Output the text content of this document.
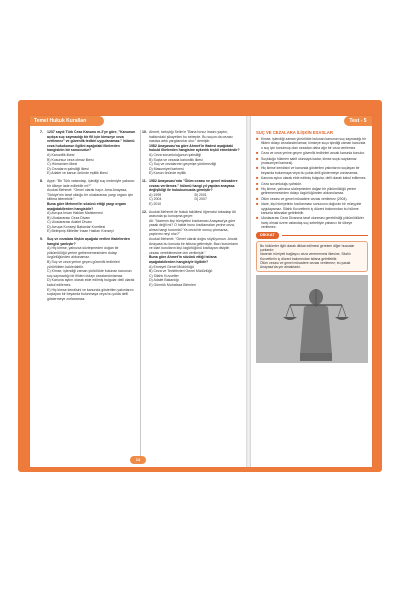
Temel Hukuk Kuralları
7.	1237 sayılı Türk Ceza Kanunu m.2'ye göre, "Kanunun açıkça suç saymadığı bir fiil için kimseye ceza verilemez" ve güvenlik tedbiri uygulanamaz." hükmü ceza hukukunun ilgilini aşağıdaki ilkelerden hangisinin bir sonucudur?
A) Kanunilik ilkesi
B) Kusursuz ceza olmaz ilkesi
C) Hümanizm ilkesi
D) Cezaların şahsiliği ilkesi
E) Adalet ve kanun önünde eşitlik ilkesi
8.	Ayşe: "Bir Türk vatandaşı, işlediği suç nedeniyle yabancı bir ülkeye iade edilebilir mi?"
Avukat Mehmet: "Genel olarak hayır. Ama Anayasa, Türkiye'nin taraf olduğu bir uluslararası yargı organı için kilitma istenebilir."
Buna göre Mehmet'in sözünü ettiği yargı organı aşağıdakilerden hangisidir?
A) Avrupa İnsan Hakları Mahkemesi
B) Uluslararası Ceza Divanı
C) Uluslararası Adalet Divanı
D) Avrupa Konseyi Bakanlar Komitesi
E) Birleşmiş Milletler İnsan Hakları Konseyi
9.	Suç ve cezalara ilişkin aşağıda verilen ifadelerden hangisi yanlıştır?
A) Hiç kimse, yalnızca sözleşmeden doğan bir yükümlülüğü yerine getirememesinden dolayı özgürlüğünden alıkonamaz.
B) Suç ve ceza yerine geçen güvenlik tedbirleri yürürlükten kaldırılabilir.
C) Kimse, işlendiği zaman yürürlükte bulunan kanunun suç saymadığı bir fiilden dolayı cezalandırılamaz.
D) Kanuna aykırı olarak elde edilmiş bulgular delil olarak kabul edilemez.
E) Hiç kimse kendisini ve kanunda gösterilen yakınlarını suçlayan bir beyanda bulunmaya veya bu yolda delil göstermeye zorlanamaz.
10. Ahmet, tartıştığı Selim'e "Bana hırsız imaını yaptın, hakkındaki şikayetimi bu sebeple. Bu suçun da cezası nasılsa artık yargılanırlar olur." demiştir.
1982 Anayasası'na göre Ahmet'in ifadesi aşağıdaki hukuki ilkelerden hangisine aykırılık teşkil etmektedir?
A) Ceza sorumluluğunun şahsiliği
B) Suçta ve cezada kanunilik ilkesi
C) Suç ve cezalarının geçmişe yürütmezliği
D) Masumiyet karinesi
E) Kanun önünde eşitlik
11. 1982 Anayasası'nda "Ölüm cezası ve genel müsadere cezası verilemez." hükmü hangi yıl yapılan anayasa değişikliği ile hukukumuzda girmiştir?
A) 1995	B) 2001
C) 2004	D) 2007
E) 2010
12. Avukat Mehmet ile hukuk fakültesi öğrencisi arkadaşı Ali arasında şu konuşma geçer:
Ali: "İdarenin kişi hürriyetini kısıtlaması Anayasa'ya göre yasak değil mi? O halde bunu kısıtlamaları yerine ceza, alırsa hangi kurumla? Ya cezai bir sonuç çıkmazsa, yaptırımı neyi olur?"
Avukat Mehmet: "Genel olarak doğru söylüyorsun. Ancak Anayasa bu konuda bir istisna getirmiştir. Bazı kurumların ve idari kurulların kişi özgürlüğünü kısıtlayan disiplin cezası verebilmesine izin verilmiştir."
Buna göre Ahmet'in sözünü ettiği istisna aşağıdakilerden hangisiyle ilgilidir?
A) Emniyet Genel Müdürlüğü
B) Ceza ve Tevkifevleri Genel Müdürlüğü
C) Silahlı Kuvvetler
D) Adalet Bakanlığı
E) Gümrük Muhafaza Birimleri
13
Test - 5
SUÇ VE CEZALARA İLİŞKİN ESASLAR
■ Kimse, işlendiği zaman yürürlükte bulunan kanunun suç saymadığı bir fiilden dolayı cezalandırılamaz; kimseye suçu işlediği zaman kanunda o suç için konulmuş olan cezadan daha ağır bir ceza verilemez.
■ Ceza ve ceza yerine geçen güvenlik tedbirleri ancak kanunla konulur.
■ Suçluluğu hükmen sabit oluncaya kadar, kimse suçlu sayılamaz (masumiyet karinesi).
■ Hiç kimse kendisini ve kanunda gösterilen yakınlarını suçlayan bir beyanda bulunmaya veya bu yolda delil göstermeye zorlanamaz.
■ Kanuna aykırı olarak elde edilmiş bulgular, delil olarak kabul edilemez.
■ Ceza sorumluluğu şahsidir.
■ Hiç kimse, yalnızca sözleşmeden doğan bir yükümlülüğü yerine getirememesinden dolayı özgürlüğünden alıkonulamaz.
■ Ölüm cezası ve genel müsadere cezası verilemez (2004).
■ İdare, kişi hürriyetinin kısıtlanması sonucunu doğuran bir müeyyide uygulayamaz. Silahlı Kuvvetlerin iç düzeni bakımından bu hükme kanunla istisnalar getirilebilir.
■ Uluslararası Ceza Divanına taraf olunması gerektirdiği yükümlülükler hariç olmak üzere vatandaş suç sebebiyle yabancı bir ülkeye verilemez.
DİKKAT
Bu hükümler ilgili olarak dikkat edilmesi gereken diğer hususlar şunlardır:
İdarenin hürriyeti bağlayıcı ceza verememesi ilkesine, Silahlı Kuvvetlerin iç düzeni bakımından istisna getirilebilir.
Ölüm cezası ve genel müsadere cezası verilemez; bu yasak Anayasa'da yer almaktadır.
